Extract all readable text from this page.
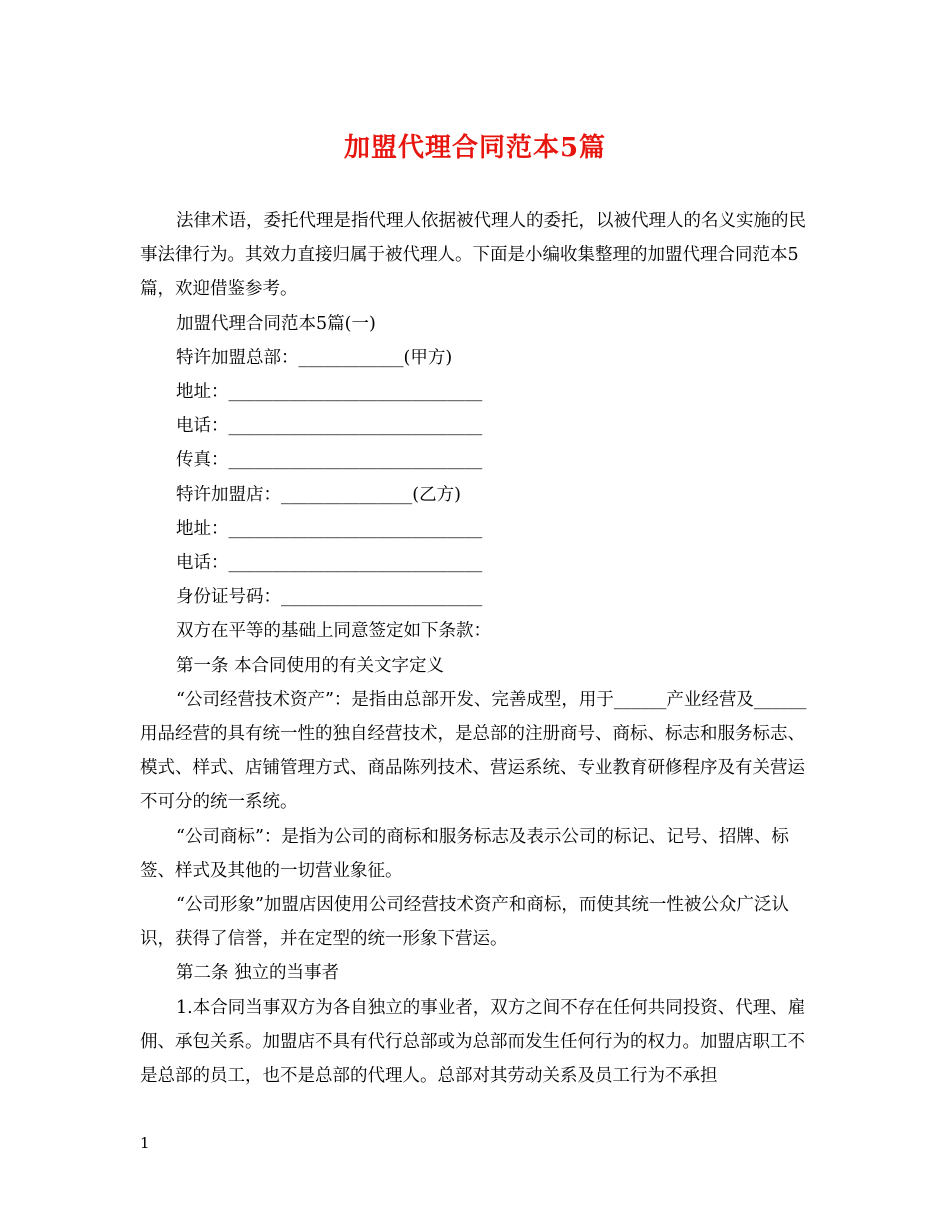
加盟代理合同范本5篇

法律术语，委托代理是指代理人依据被代理人的委托，以被代理人的名义实施的民事法律行为。其效力直接归属于被代理人。下面是小编收集整理的加盟代理合同范本5篇，欢迎借鉴参考。

加盟代理合同范本5篇(一)

特许加盟总部：____________(甲方)

地址：_____________________________

电话：_____________________________

传真：_____________________________

特许加盟店：_______________(乙方)

地址：_____________________________

电话：_____________________________

身份证号码：_______________________

双方在平等的基础上同意签定如下条款：

第一条 本合同使用的有关文字定义

“公司经营技术资产”：是指由总部开发、完善成型，用于______产业经营及______用品经营的具有统一性的独自经营技术，是总部的注册商号、商标、标志和服务标志、模式、样式、店铺管理方式、商品陈列技术、营运系统、专业教育研修程序及有关营运不可分的统一系统。

“公司商标”：是指为公司的商标和服务标志及表示公司的标记、记号、招牌、标签、样式及其他的一切营业象征。

“公司形象”加盟店因使用公司经营技术资产和商标，而使其统一性被公众广泛认识，获得了信誉，并在定型的统一形象下营运。

第二条 独立的当事者

1.本合同当事双方为各自独立的事业者，双方之间不存在任何共同投资、代理、雇佣、承包关系。加盟店不具有代行总部或为总部而发生任何行为的权力。加盟店职工不是总部的员工，也不是总部的代理人。总部对其劳动关系及员工行为不承担

1
